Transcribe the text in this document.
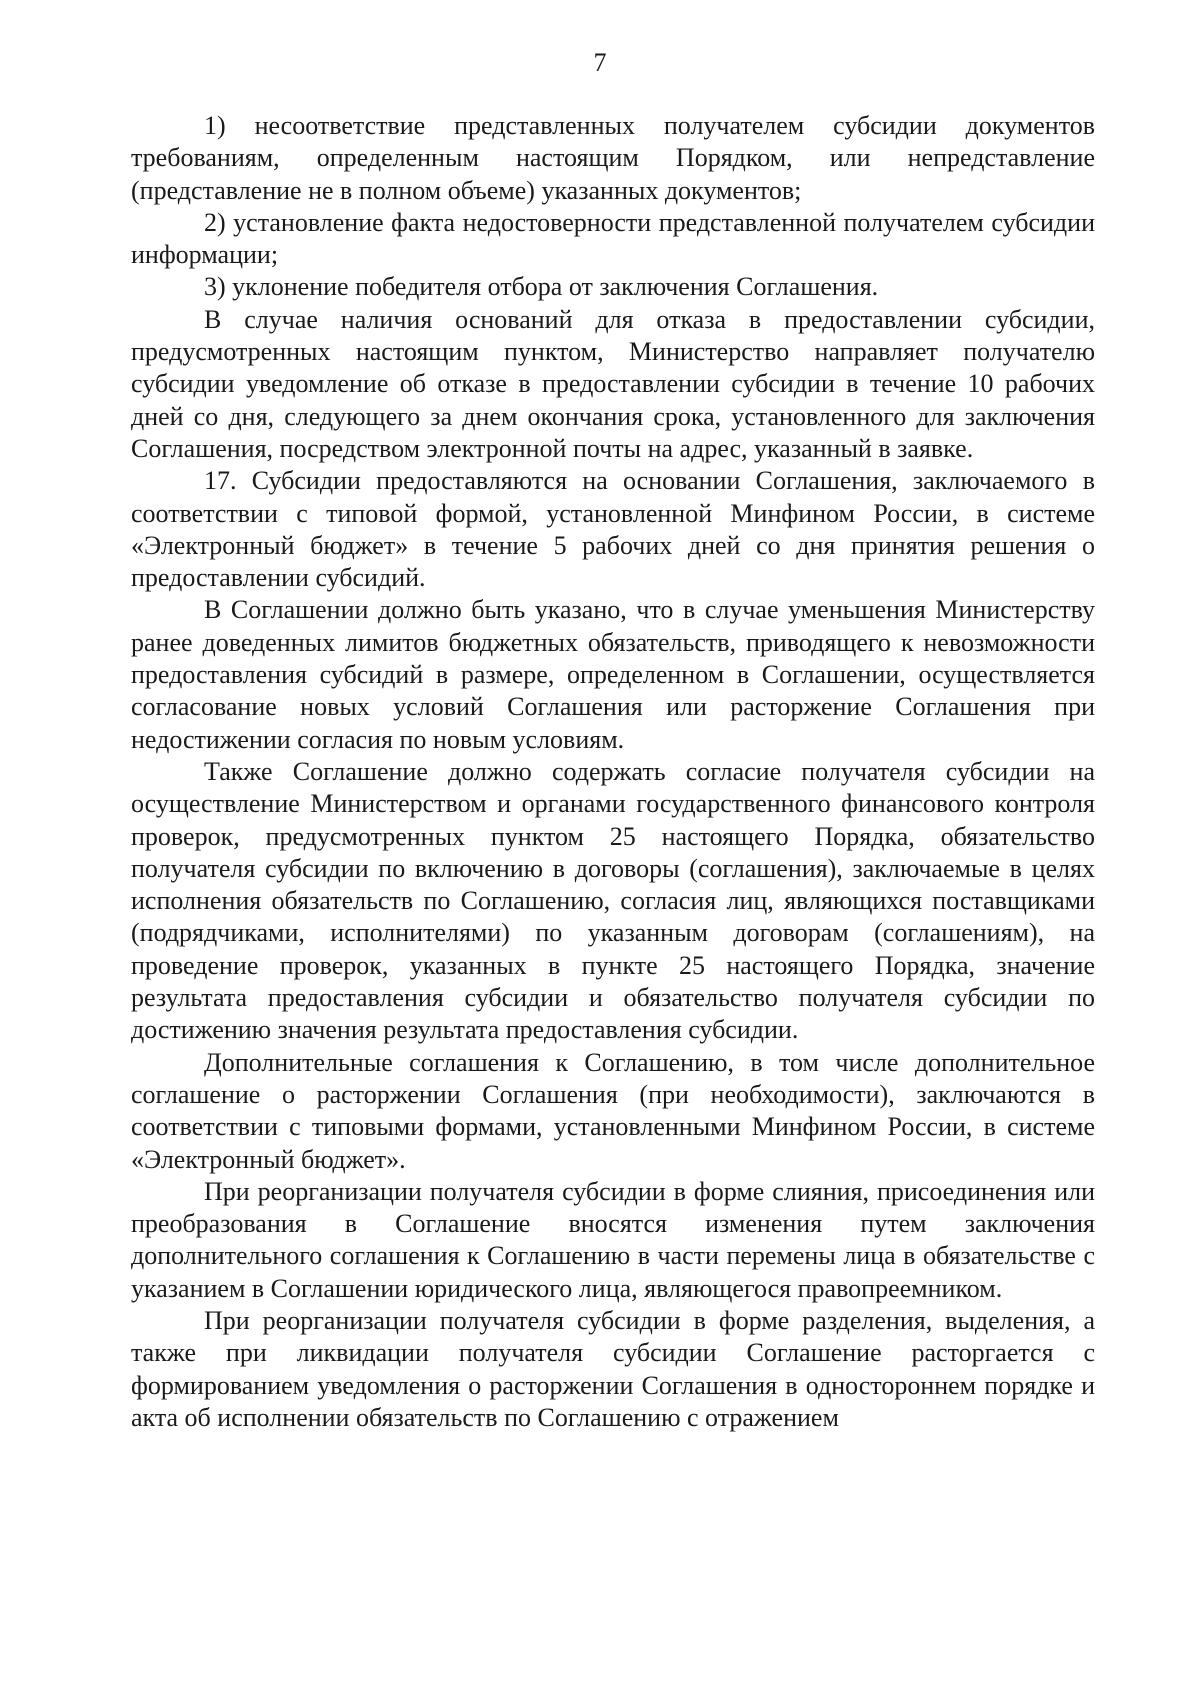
7

1) несоответствие представленных получателем субсидии документов требованиям, определенным настоящим Порядком, или непредставление (представление не в полном объеме) указанных документов;

2) установление факта недостоверности представленной получателем субсидии информации;

3) уклонение победителя отбора от заключения Соглашения.

В случае наличия оснований для отказа в предоставлении субсидии, предусмотренных настоящим пунктом, Министерство направляет получателю субсидии уведомление об отказе в предоставлении субсидии в течение 10 рабочих дней со дня, следующего за днем окончания срока, установленного для заключения Соглашения, посредством электронной почты на адрес, указанный в заявке.

17. Субсидии предоставляются на основании Соглашения, заключаемого в соответствии с типовой формой, установленной Минфином России, в системе «Электронный бюджет» в течение 5 рабочих дней со дня принятия решения о предоставлении субсидий.

В Соглашении должно быть указано, что в случае уменьшения Министерству ранее доведенных лимитов бюджетных обязательств, приводящего к невозможности предоставления субсидий в размере, определенном в Соглашении, осуществляется согласование новых условий Соглашения или расторжение Соглашения при недостижении согласия по новым условиям.

Также Соглашение должно содержать согласие получателя субсидии на осуществление Министерством и органами государственного финансового контроля проверок, предусмотренных пунктом 25 настоящего Порядка, обязательство получателя субсидии по включению в договоры (соглашения), заключаемые в целях исполнения обязательств по Соглашению, согласия лиц, являющихся поставщиками (подрядчиками, исполнителями) по указанным договорам (соглашениям), на проведение проверок, указанных в пункте 25 настоящего Порядка, значение результата предоставления субсидии и обязательство получателя субсидии по достижению значения результата предоставления субсидии.

Дополнительные соглашения к Соглашению, в том числе дополнительное соглашение о расторжении Соглашения (при необходимости), заключаются в соответствии с типовыми формами, установленными Минфином России, в системе «Электронный бюджет».

При реорганизации получателя субсидии в форме слияния, присоединения или преобразования в Соглашение вносятся изменения путем заключения дополнительного соглашения к Соглашению в части перемены лица в обязательстве с указанием в Соглашении юридического лица, являющегося правопреемником.

При реорганизации получателя субсидии в форме разделения, выделения, а также при ликвидации получателя субсидии Соглашение расторгается с формированием уведомления о расторжении Соглашения в одностороннем порядке и акта об исполнении обязательств по Соглашению с отражением
